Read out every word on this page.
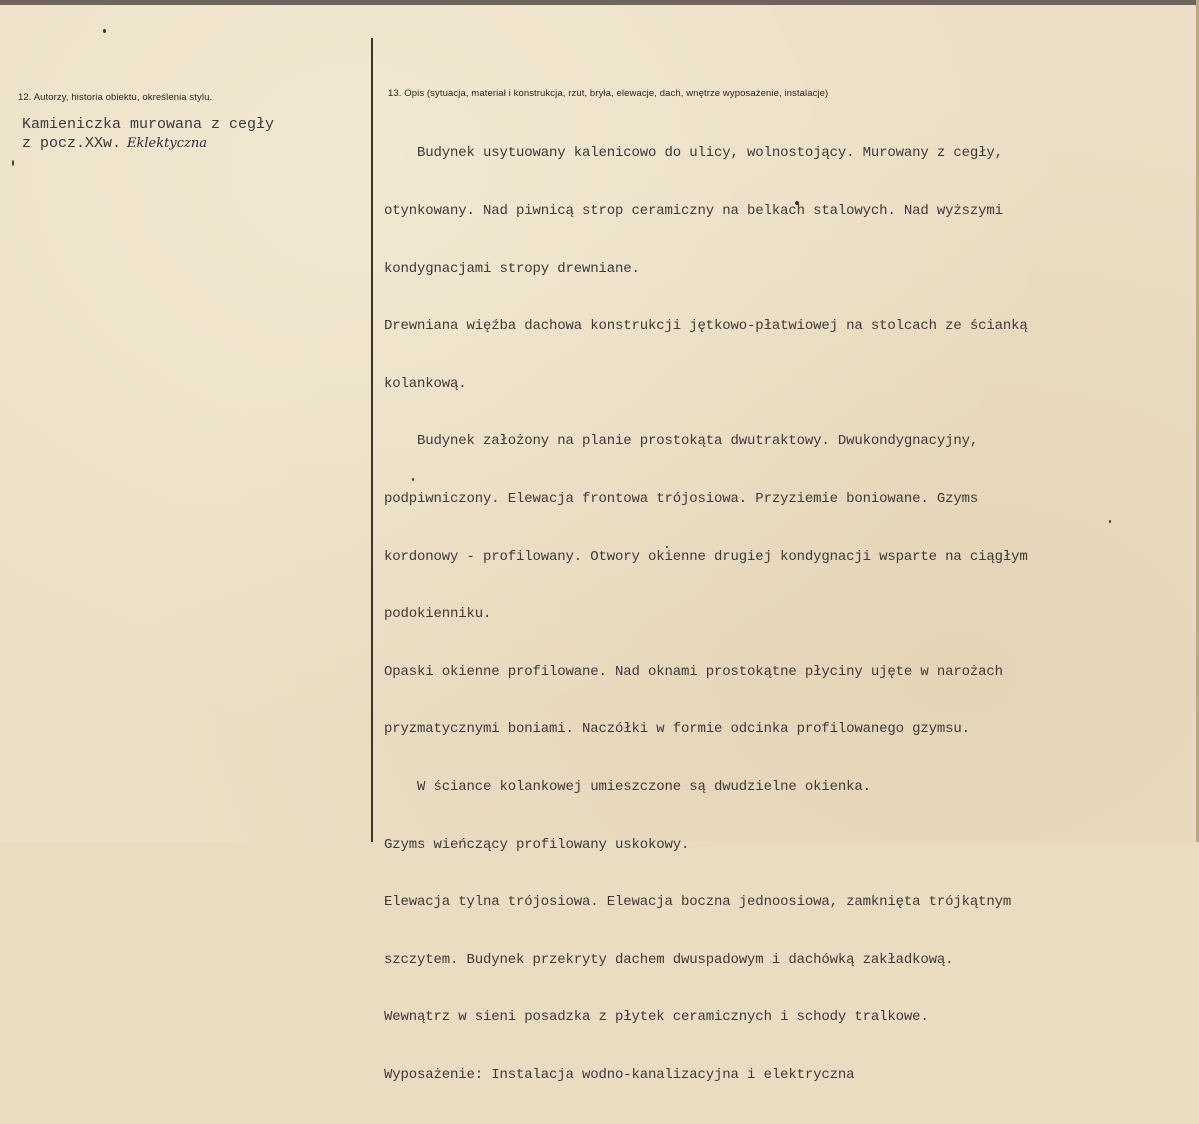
12. Autorzy, historia obiektu, określenia stylu.
Kamieniczka murowana z cegły
z pocz.XXw. Eklektyczna
13. Opis (sytuacja, materiał i konstrukcja, rzut, bryła, elewacje, dach, wnętrze wyposażenie, instalacje)

Budynek usytuowany kalenicowo do ulicy, wolnostojący. Murowany z cegły,

otynkowany. Nad piwnicą strop ceramiczny na belkach stalowych. Nad wyższymi

kondygnacjami stropy drewniane.

Drewniana więźba dachowa konstrukcji jętkowo-płatwiowej na stolcach ze ścianką

kolankową.

Budynek założony na planie prostokąta dwutraktowy. Dwukondygnacyjny,

podpiwniczony. Elewacja frontowa trójosiowa. Przyziemie boniowane. Gzyms

kordonowy - profilowany. Otwory okienne drugiej kondygnacji wsparte na ciągłym

podokienniku.

Opaski okienne profilowane. Nad oknami prostokątne płyciny ujęte w narożach

pryzmatycznymi boniami. Naczółki w formie odcinka profilowanego gzymsu.

W ściance kolankowej umieszczone są dwudzielne okienka.

Gzyms wieńczący profilowany uskokowy.

Elewacja tylna trójosiowa. Elewacja boczna jednoosiowa, zamknięta trójkątnym

szczytem. Budynek przekryty dachem dwuspadowym i dachówką zakładkową.

Wewnątrz w sieni posadzka z płytek ceramicznych i schody tralkowe.

Wyposażenie: Instalacja wodno-kanalizacyjna i elektryczna
